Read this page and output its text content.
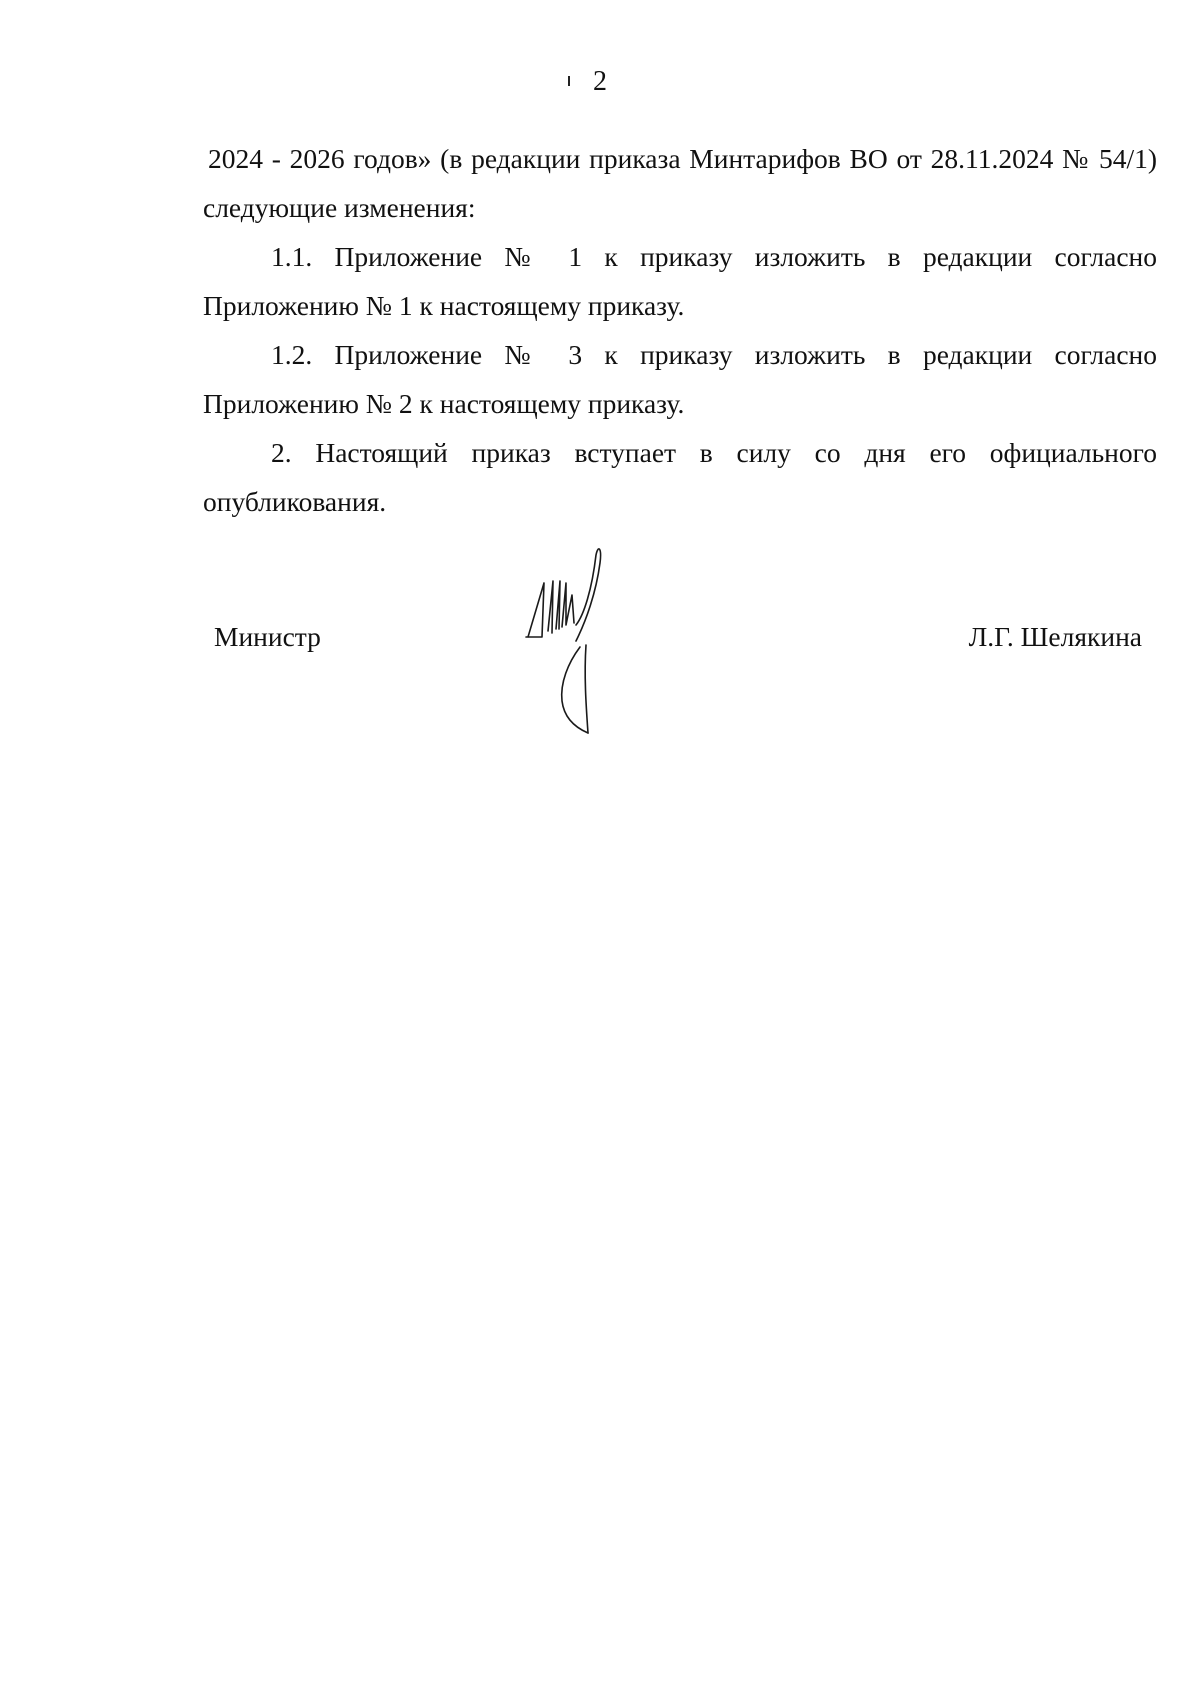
2

2024 - 2026 годов» (в редакции приказа Минтарифов ВО от 28.11.2024 № 54/1) следующие изменения:

1.1. Приложение № 1 к приказу изложить в редакции согласно Приложению № 1 к настоящему приказу.

1.2. Приложение № 3 к приказу изложить в редакции согласно Приложению № 2 к настоящему приказу.

2. Настоящий приказ вступает в силу со дня его официального опубликования.

Министр	Л.Г. Шелякина
